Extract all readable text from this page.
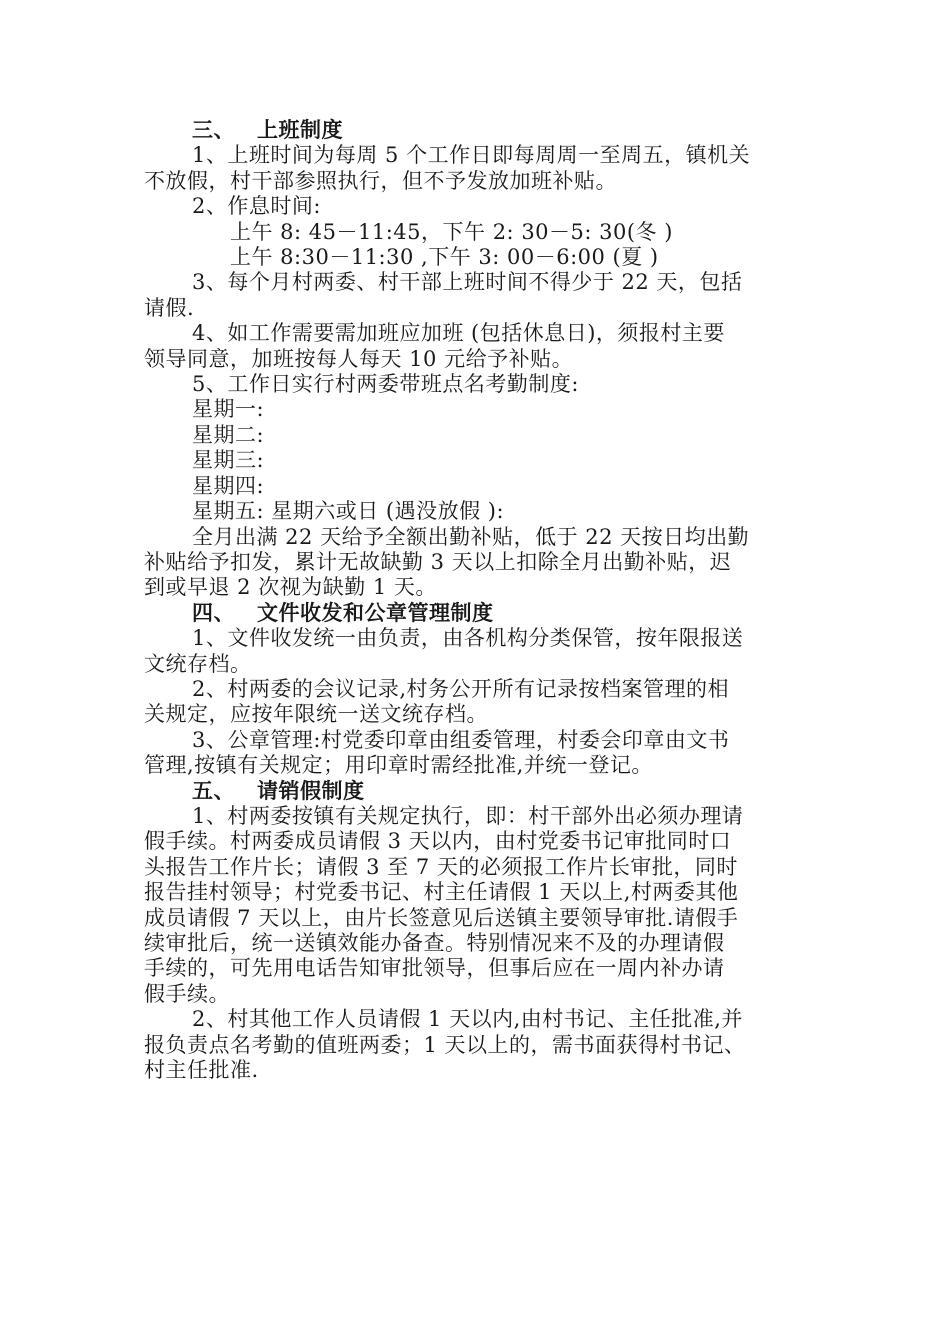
三、 上班制度
1、上班时间为每周 5 个工作日即每周周一至周五，镇机关
不放假，村干部参照执行，但不予发放加班补贴。
2、作息时间:
上午 8: 45－11:45，下午 2: 30－5: 30(冬 )
上午 8:30－11:30 ,下午 3: 00－6:00 (夏 )
3、每个月村两委、村干部上班时间不得少于 22 天，包括
请假.
4、如工作需要需加班应加班 (包括休息日)，须报村主要
领导同意，加班按每人每天 10 元给予补贴。
5、工作日实行村两委带班点名考勤制度:
星期一:
星期二:
星期三:
星期四:
星期五: 星期六或日 (遇没放假 ):
全月出满 22 天给予全额出勤补贴，低于 22 天按日均出勤
补贴给予扣发，累计无故缺勤 3 天以上扣除全月出勤补贴，迟
到或早退 2 次视为缺勤 1 天。
四、 文件收发和公章管理制度
1、文件收发统一由负责，由各机构分类保管，按年限报送
文统存档。
2、村两委的会议记录,村务公开所有记录按档案管理的相
关规定，应按年限统一送文统存档。
3、公章管理:村党委印章由组委管理，村委会印章由文书
管理,按镇有关规定；用印章时需经批准,并统一登记。
五、 请销假制度
1、村两委按镇有关规定执行，即：村干部外出必须办理请
假手续。村两委成员请假 3 天以内，由村党委书记审批同时口
头报告工作片长；请假 3 至 7 天的必须报工作片长审批，同时
报告挂村领导；村党委书记、村主任请假 1 天以上,村两委其他
成员请假 7 天以上，由片长签意见后送镇主要领导审批.请假手
续审批后，统一送镇效能办备查。特别情况来不及的办理请假
手续的，可先用电话告知审批领导，但事后应在一周内补办请
假手续。
2、村其他工作人员请假 1 天以内,由村书记、主任批准,并
报负责点名考勤的值班两委；1 天以上的，需书面获得村书记、
村主任批准.
